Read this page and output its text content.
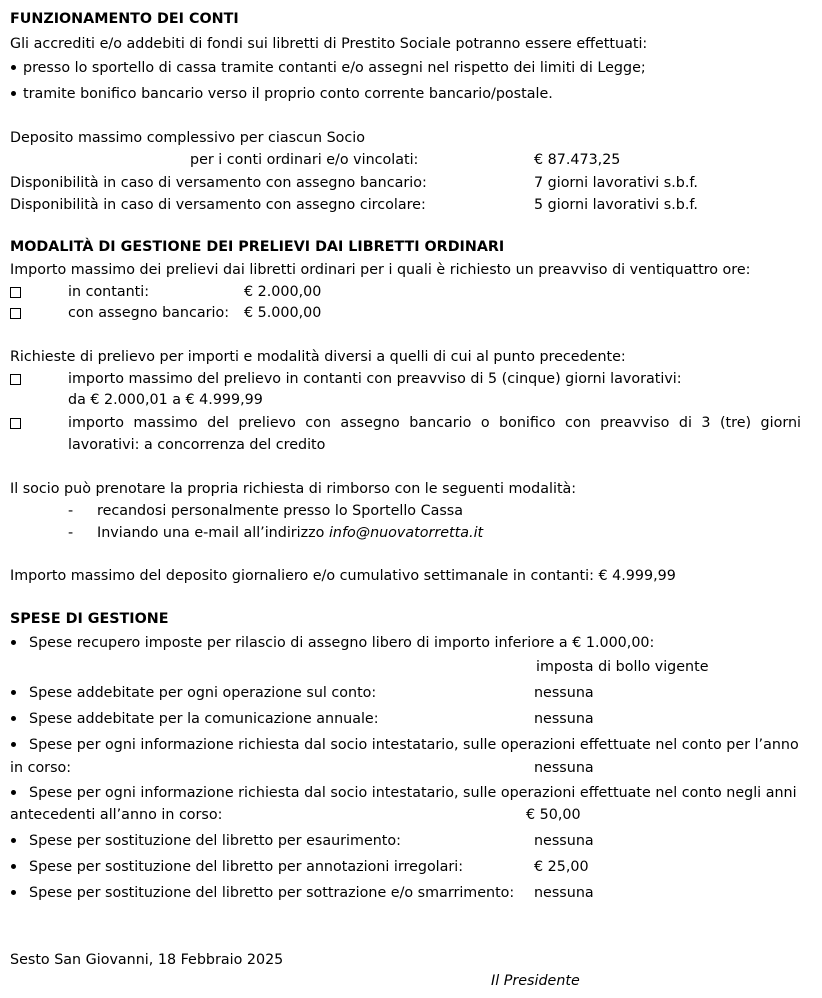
FUNZIONAMENTO DEI CONTI
Gli accrediti e/o addebiti di fondi sui libretti di Prestito Sociale potranno essere effettuati:
presso lo sportello di cassa tramite contanti e/o assegni nel rispetto dei limiti di Legge;
tramite bonifico bancario verso il proprio conto corrente bancario/postale.
Deposito massimo complessivo per ciascun Socio
per i conti ordinari e/o vincolati:	€ 87.473,25
Disponibilità in caso di versamento con assegno bancario:	7 giorni lavorativi s.b.f.
Disponibilità in caso di versamento con assegno circolare:	5 giorni lavorativi s.b.f.
MODALITÀ DI GESTIONE DEI PRELIEVI DAI LIBRETTI ORDINARI
Importo massimo dei prelievi dai libretti ordinari per i quali è richiesto un preavviso di ventiquattro ore:
in contanti:	€ 2.000,00
con assegno bancario: € 5.000,00
Richieste di prelievo per importi e modalità diversi a quelli di cui al punto precedente:
importo massimo del prelievo in contanti con preavviso di 5 (cinque) giorni lavorativi:
da € 2.000,01 a € 4.999,99
importo massimo del prelievo con assegno bancario o bonifico con preavviso di 3 (tre) giorni
lavorativi: a concorrenza del credito
Il socio può prenotare la propria richiesta di rimborso con le seguenti modalità:
- recandosi personalmente presso lo Sportello Cassa
- Inviando una e-mail all’indirizzo info@nuovatorretta.it
Importo massimo del deposito giornaliero e/o cumulativo settimanale in contanti: € 4.999,99
SPESE DI GESTIONE
Spese recupero imposte per rilascio di assegno libero di importo inferiore a € 1.000,00:
imposta di bollo vigente
Spese addebitate per ogni operazione sul conto:	nessuna
Spese addebitate per la comunicazione annuale:	nessuna
Spese per ogni informazione richiesta dal socio intestatario, sulle operazioni effettuate nel conto per l’anno
in corso:	nessuna
Spese per ogni informazione richiesta dal socio intestatario, sulle operazioni effettuate nel conto negli anni
antecedenti all’anno in corso:	€ 50,00
Spese per sostituzione del libretto per esaurimento:	nessuna
Spese per sostituzione del libretto per annotazioni irregolari:	€ 25,00
Spese per sostituzione del libretto per sottrazione e/o smarrimento: nessuna
Sesto San Giovanni, 18 Febbraio 2025
Il Presidente
